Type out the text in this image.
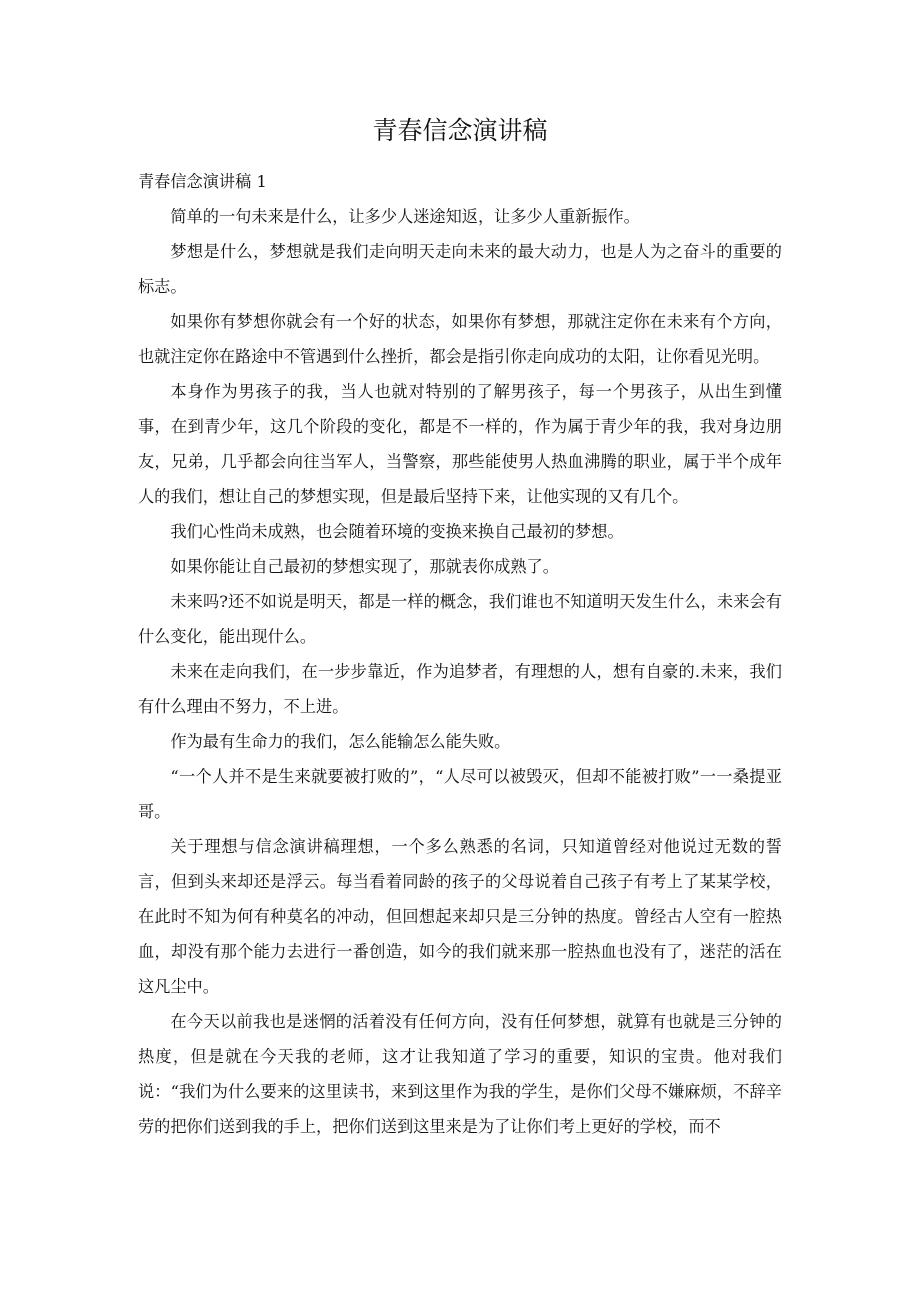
青春信念演讲稿

青春信念演讲稿 1

简单的一句未来是什么，让多少人迷途知返，让多少人重新振作。

梦想是什么，梦想就是我们走向明天走向未来的最大动力，也是人为之奋斗的重要的标志。

如果你有梦想你就会有一个好的状态，如果你有梦想，那就注定你在未来有个方向，也就注定你在路途中不管遇到什么挫折，都会是指引你走向成功的太阳，让你看见光明。

本身作为男孩子的我，当人也就对特别的了解男孩子，每一个男孩子，从出生到懂事，在到青少年，这几个阶段的变化，都是不一样的，作为属于青少年的我，我对身边朋友，兄弟，几乎都会向往当军人，当警察，那些能使男人热血沸腾的职业，属于半个成年人的我们，想让自己的梦想实现，但是最后坚持下来，让他实现的又有几个。

我们心性尚未成熟，也会随着环境的变换来换自己最初的梦想。

如果你能让自己最初的梦想实现了，那就表你成熟了。

未来吗?还不如说是明天，都是一样的概念，我们谁也不知道明天发生什么，未来会有什么变化，能出现什么。

未来在走向我们，在一步步靠近，作为追梦者，有理想的人，想有自豪的.未来，我们有什么理由不努力，不上进。

作为最有生命力的我们，怎么能输怎么能失败。

“一个人并不是生来就要被打败的”，“人尽可以被毁灭，但却不能被打败”一一桑提亚哥。

关于理想与信念演讲稿理想，一个多么熟悉的名词，只知道曾经对他说过无数的誓言，但到头来却还是浮云。每当看着同龄的孩子的父母说着自己孩子有考上了某某学校，在此时不知为何有种莫名的冲动，但回想起来却只是三分钟的热度。曾经古人空有一腔热血，却没有那个能力去进行一番创造，如今的我们就来那一腔热血也没有了，迷茫的活在这凡尘中。

在今天以前我也是迷惘的活着没有任何方向，没有任何梦想，就算有也就是三分钟的热度，但是就在今天我的老师，这才让我知道了学习的重要，知识的宝贵。他对我们说：“我们为什么要来的这里读书，来到这里作为我的学生，是你们父母不嫌麻烦，不辞辛劳的把你们送到我的手上，把你们送到这里来是为了让你们考上更好的学校，而不
